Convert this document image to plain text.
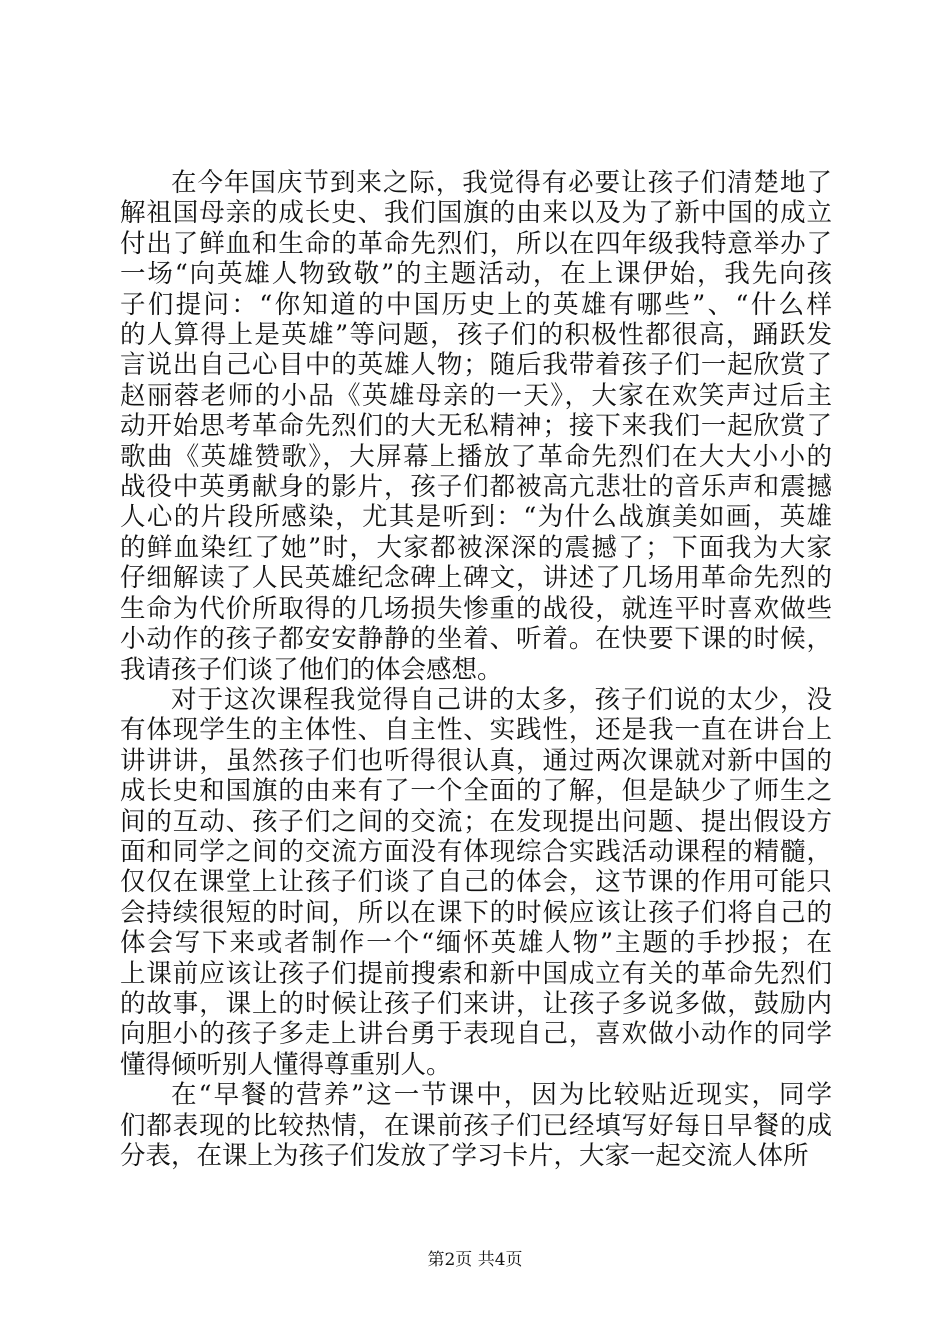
在今年国庆节到来之际，我觉得有必要让孩子们清楚地了
解祖国母亲的成长史、我们国旗的由来以及为了新中国的成立
付出了鲜血和生命的革命先烈们，所以在四年级我特意举办了
一场“向英雄人物致敬”的主题活动，在上课伊始，我先向孩
子们提问：“你知道的中国历史上的英雄有哪些”、“什么样
的人算得上是英雄”等问题，孩子们的积极性都很高，踊跃发
言说出自己心目中的英雄人物；随后我带着孩子们一起欣赏了
赵丽蓉老师的小品《英雄母亲的一天》，大家在欢笑声过后主
动开始思考革命先烈们的大无私精神；接下来我们一起欣赏了
歌曲《英雄赞歌》，大屏幕上播放了革命先烈们在大大小小的
战役中英勇献身的影片，孩子们都被高亢悲壮的音乐声和震撼
人心的片段所感染，尤其是听到：“为什么战旗美如画，英雄
的鲜血染红了她”时，大家都被深深的震撼了；下面我为大家
仔细解读了人民英雄纪念碑上碑文，讲述了几场用革命先烈的
生命为代价所取得的几场损失惨重的战役，就连平时喜欢做些
小动作的孩子都安安静静的坐着、听着。在快要下课的时候，
我请孩子们谈了他们的体会感想。

对于这次课程我觉得自己讲的太多，孩子们说的太少，没
有体现学生的主体性、自主性、实践性，还是我一直在讲台上
讲讲讲，虽然孩子们也听得很认真，通过两次课就对新中国的
成长史和国旗的由来有了一个全面的了解，但是缺少了师生之
间的互动、孩子们之间的交流；在发现提出问题、提出假设方
面和同学之间的交流方面没有体现综合实践活动课程的精髓，
仅仅在课堂上让孩子们谈了自己的体会，这节课的作用可能只
会持续很短的时间，所以在课下的时候应该让孩子们将自己的
体会写下来或者制作一个“缅怀英雄人物”主题的手抄报；在
上课前应该让孩子们提前搜索和新中国成立有关的革命先烈们
的故事，课上的时候让孩子们来讲，让孩子多说多做，鼓励内
向胆小的孩子多走上讲台勇于表现自己，喜欢做小动作的同学
懂得倾听别人懂得尊重别人。

在“早餐的营养”这一节课中，因为比较贴近现实，同学
们都表现的比较热情，在课前孩子们已经填写好每日早餐的成
分表，在课上为孩子们发放了学习卡片，大家一起交流人体所

第2页 共4页
